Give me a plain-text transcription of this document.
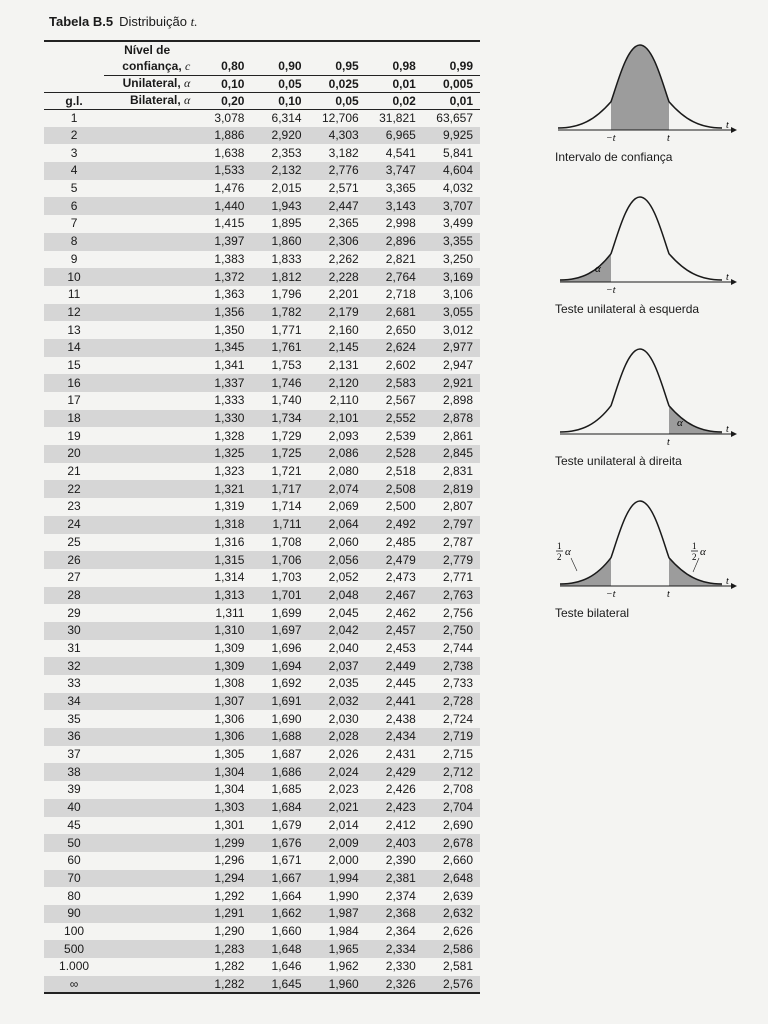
Tabela B.5 Distribuição t.
	Nível de					
	confiança, c	0,80	0,90	0,95	0,98	0,99
	Unilateral, α	0,10	0,05	0,025	0,01	0,005
g.l.	Bilateral, α	0,20	0,10	0,05	0,02	0,01
1		3,078	6,314	12,706	31,821	63,657
2		1,886	2,920	4,303	6,965	9,925
3		1,638	2,353	3,182	4,541	5,841
4		1,533	2,132	2,776	3,747	4,604
5		1,476	2,015	2,571	3,365	4,032
6		1,440	1,943	2,447	3,143	3,707
7		1,415	1,895	2,365	2,998	3,499
8		1,397	1,860	2,306	2,896	3,355
9		1,383	1,833	2,262	2,821	3,250
10		1,372	1,812	2,228	2,764	3,169
11		1,363	1,796	2,201	2,718	3,106
12		1,356	1,782	2,179	2,681	3,055
13		1,350	1,771	2,160	2,650	3,012
14		1,345	1,761	2,145	2,624	2,977
15		1,341	1,753	2,131	2,602	2,947
16		1,337	1,746	2,120	2,583	2,921
17		1,333	1,740	2,110	2,567	2,898
18		1,330	1,734	2,101	2,552	2,878
19		1,328	1,729	2,093	2,539	2,861
20		1,325	1,725	2,086	2,528	2,845
21		1,323	1,721	2,080	2,518	2,831
22		1,321	1,717	2,074	2,508	2,819
23		1,319	1,714	2,069	2,500	2,807
24		1,318	1,711	2,064	2,492	2,797
25		1,316	1,708	2,060	2,485	2,787
26		1,315	1,706	2,056	2,479	2,779
27		1,314	1,703	2,052	2,473	2,771
28		1,313	1,701	2,048	2,467	2,763
29		1,311	1,699	2,045	2,462	2,756
30		1,310	1,697	2,042	2,457	2,750
31		1,309	1,696	2,040	2,453	2,744
32		1,309	1,694	2,037	2,449	2,738
33		1,308	1,692	2,035	2,445	2,733
34		1,307	1,691	2,032	2,441	2,728
35		1,306	1,690	2,030	2,438	2,724
36		1,306	1,688	2,028	2,434	2,719
37		1,305	1,687	2,026	2,431	2,715
38		1,304	1,686	2,024	2,429	2,712
39		1,304	1,685	2,023	2,426	2,708
40		1,303	1,684	2,021	2,423	2,704
45		1,301	1,679	2,014	2,412	2,690
50		1,299	1,676	2,009	2,403	2,678
60		1,296	1,671	2,000	2,390	2,660
70		1,294	1,667	1,994	2,381	2,648
80		1,292	1,664	1,990	2,374	2,639
90		1,291	1,662	1,987	2,368	2,632
100		1,290	1,660	1,984	2,364	2,626
500		1,283	1,648	1,965	2,334	2,586
1.000		1,282	1,646	1,962	2,330	2,581
∞		1,282	1,645	1,960	2,326	2,576
t
−t	t
Intervalo de confiança
t
α
−t
Teste unilateral à esquerda
t
α
t
Teste unilateral à direita
t
−t	t
1
2 α	1
2 α
Teste bilateral
